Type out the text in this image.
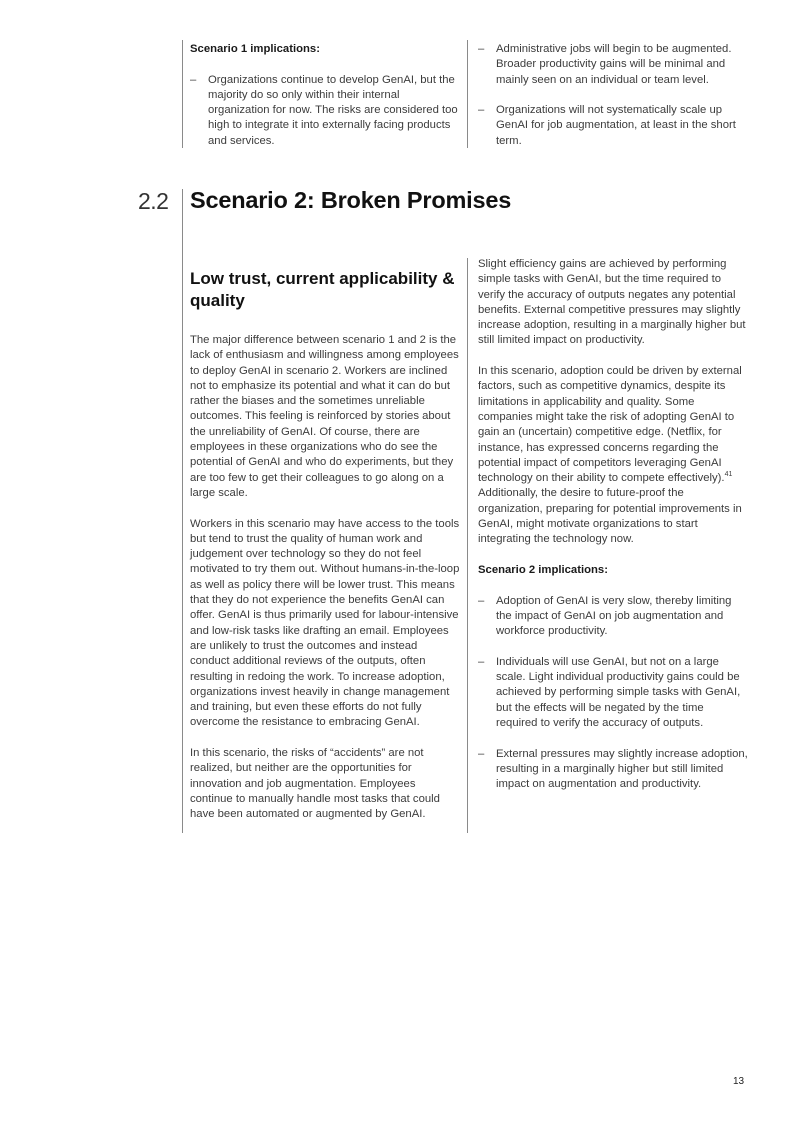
Scenario 1 implications:

–	Organizations continue to develop GenAI, but the majority do so only within their internal organization for now. The risks are considered too high to integrate it into externally facing products and services.
–	Administrative jobs will begin to be augmented. Broader productivity gains will be minimal and mainly seen on an individual or team level.
–	Organizations will not systematically scale up GenAI for job augmentation, at least in the short term.
2.2 Scenario 2: Broken Promises
Low trust, current applicability & quality

The major difference between scenario 1 and 2 is the lack of enthusiasm and willingness among employees to deploy GenAI in scenario 2. Workers are inclined not to emphasize its potential and what it can do but rather the biases and the sometimes unreliable outcomes. This feeling is reinforced by stories about the unreliability of GenAI. Of course, there are employees in these organizations who do see the potential of GenAI and who do experiments, but they are too few to get their colleagues to go along on a large scale.

Workers in this scenario may have access to the tools but tend to trust the quality of human work and judgement over technology so they do not feel motivated to try them out. Without humans-in-the-loop as well as policy there will be lower trust. This means that they do not experience the benefits GenAI can offer. GenAI is thus primarily used for labour-intensive and low-risk tasks like drafting an email. Employees are unlikely to trust the outcomes and instead conduct additional reviews of the outputs, often resulting in redoing the work. To increase adoption, organizations invest heavily in change management and training, but even these efforts do not fully overcome the resistance to embracing GenAI.

In this scenario, the risks of “accidents” are not realized, but neither are the opportunities for innovation and job augmentation. Employees continue to manually handle most tasks that could have been automated or augmented by GenAI.

Slight efficiency gains are achieved by performing simple tasks with GenAI, but the time required to verify the accuracy of outputs negates any potential benefits. External competitive pressures may slightly increase adoption, resulting in a marginally higher but still limited impact on productivity.

In this scenario, adoption could be driven by external factors, such as competitive dynamics, despite its limitations in applicability and quality. Some companies might take the risk of adopting GenAI to gain an (uncertain) competitive edge. (Netflix, for instance, has expressed concerns regarding the potential impact of competitors leveraging GenAI technology on their ability to compete effectively).$^{41}$ Additionally, the desire to future-proof the organization, preparing for potential improvements in GenAI, might motivate organizations to start integrating the technology now.

Scenario 2 implications:

–	Adoption of GenAI is very slow, thereby limiting the impact of GenAI on job augmentation and workforce productivity.
–	Individuals will use GenAI, but not on a large scale. Light individual productivity gains could be achieved by performing simple tasks with GenAI, but the effects will be negated by the time required to verify the accuracy of outputs.
–	External pressures may slightly increase adoption, resulting in a marginally higher but still limited impact on augmentation and productivity.
13
